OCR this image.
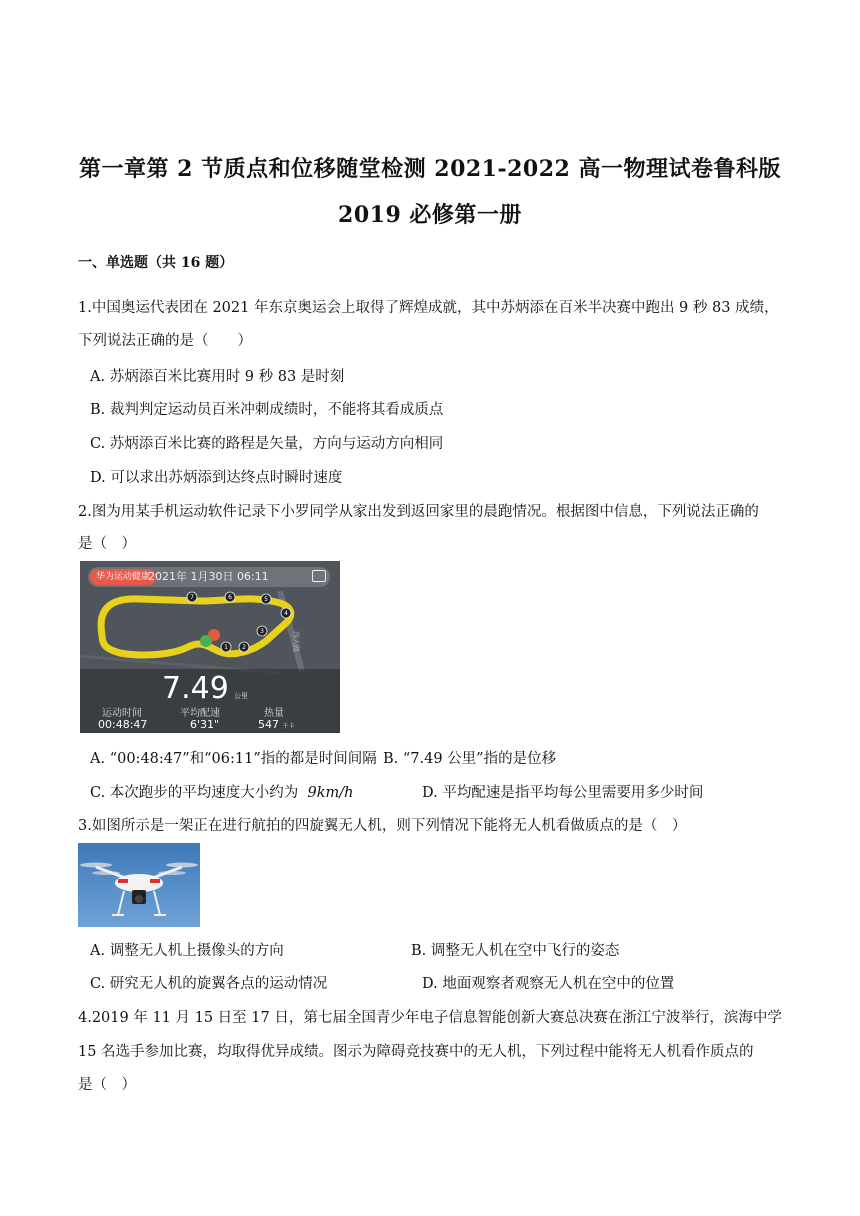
第一章第 2 节质点和位移随堂检测 2021-2022 高一物理试卷鲁科版
2019 必修第一册
一、单选题（共 16 题）
1.中国奥运代表团在 2021 年东京奥运会上取得了辉煌成就，其中苏炳添在百米半决赛中跑出 9 秒 83 成绩，
下列说法正确的是（　　）
A. 苏炳添百米比赛用时 9 秒 83 是时刻
B. 裁判判定运动员百米冲刺成绩时，不能将其看成质点
C. 苏炳添百米比赛的路程是矢量，方向与运动方向相同
D. 可以求出苏炳添到达终点时瞬时速度
2.图为用某手机运动软件记录下小罗同学从家出发到返回家里的晨跑情况。根据图中信息，下列说法正确的
是（　）
1 2
3
4
5
6
7
西大路
华为运动健康
2021年 1月30日 06:11
7.49 公里
运动时间	平均配速	热量
00:48:47	6'31"	547 千卡
A. “00:48:47”和“06:11”指的都是时间间隔 B. “7.49 公里”指的是位移
C. 本次跑步的平均速度大小约为 9km/h	D. 平均配速是指平均每公里需要用多少时间
3.如图所示是一架正在进行航拍的四旋翼无人机，则下列情况下能将无人机看做质点的是（　）
A. 调整无人机上摄像头的方向	B. 调整无人机在空中飞行的姿态
C. 研究无人机的旋翼各点的运动情况	D. 地面观察者观察无人机在空中的位置
4.2019 年 11 月 15 日至 17 日，第七届全国青少年电子信息智能创新大赛总决赛在浙江宁波举行，滨海中学
15 名选手参加比赛，均取得优异成绩。图示为障碍竞技赛中的无人机，下列过程中能将无人机看作质点的
是（　）
